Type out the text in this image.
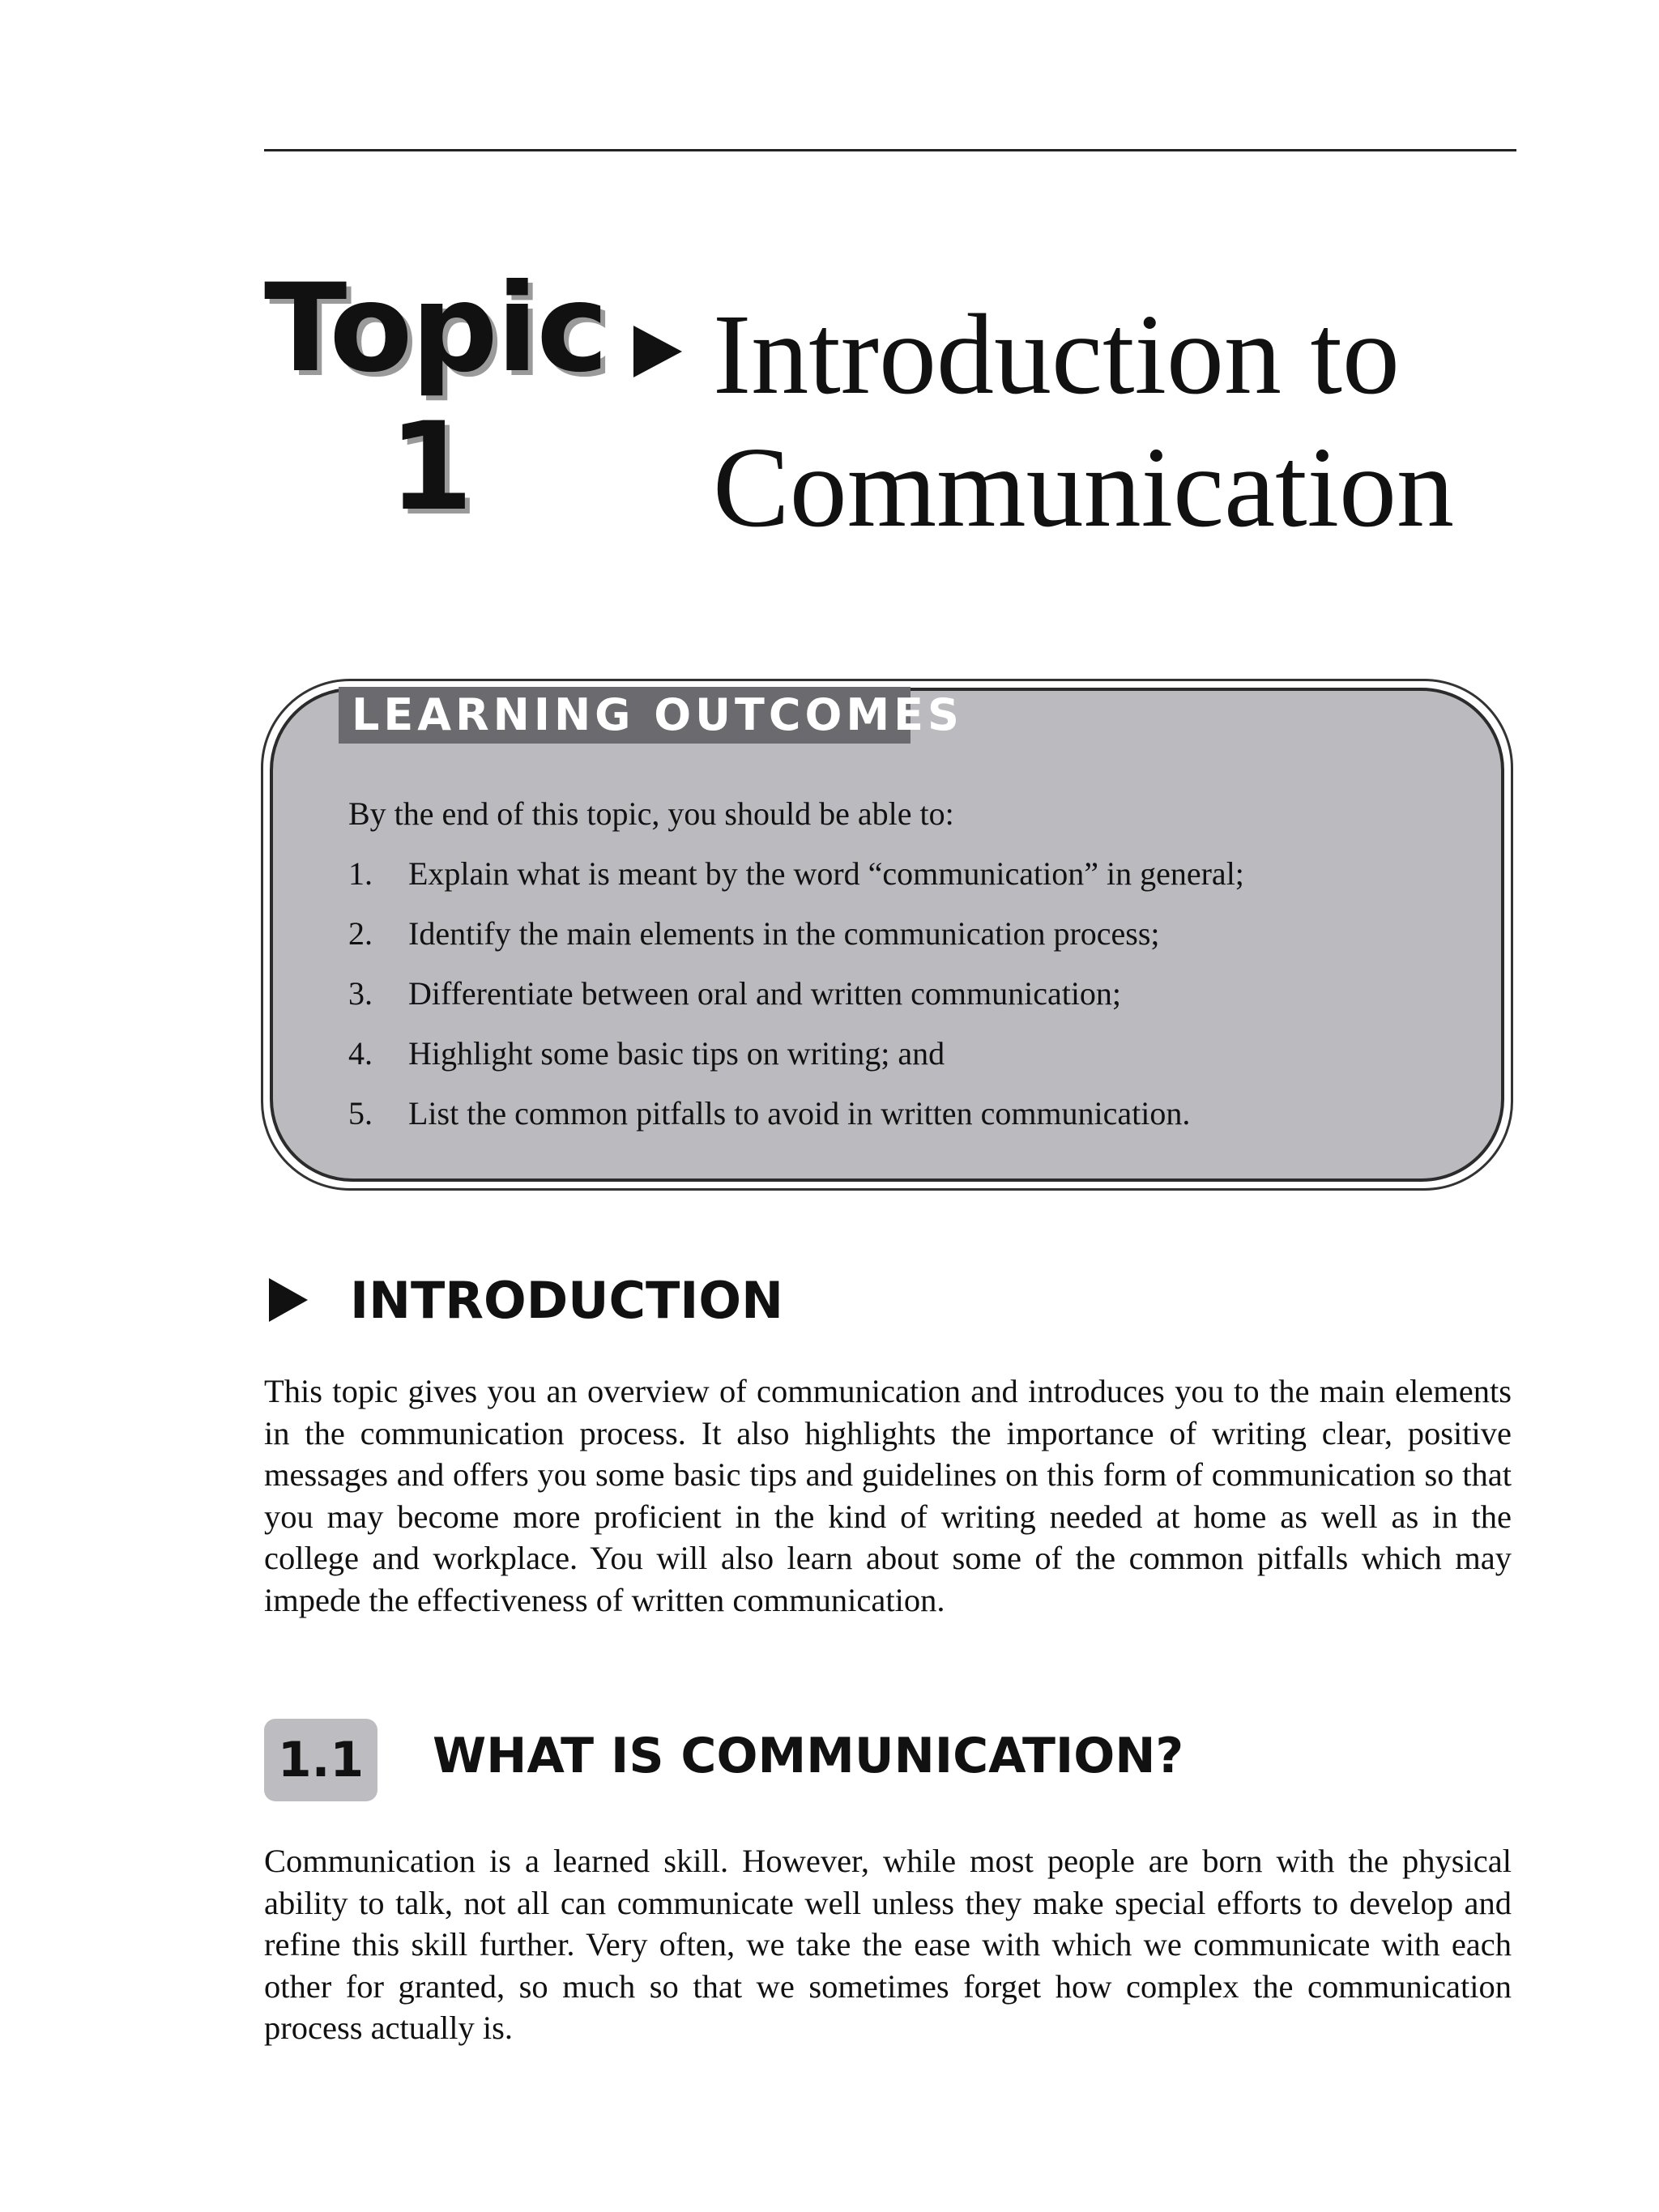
Topic
1
Introduction to
Communication
LEARNING OUTCOMES
By the end of this topic, you should be able to:
1.	Explain what is meant by the word “communication” in general;
2.	Identify the main elements in the communication process;
3.	Differentiate between oral and written communication;
4.	Highlight some basic tips on writing; and
5.	List the common pitfalls to avoid in written communication.
INTRODUCTION

This topic gives you an overview of communication and introduces you to the main elements in the communication process. It also highlights the importance of writing clear, positive messages and offers you some basic tips and guidelines on this form of communication so that you may become more proficient in the kind of writing needed at home as well as in the college and workplace. You will also learn about some of the common pitfalls which may impede the effectiveness of written communication.

1.1 WHAT IS COMMUNICATION?

Communication is a learned skill. However, while most people are born with the physical ability to talk, not all can communicate well unless they make special efforts to develop and refine this skill further. Very often, we take the ease with which we communicate with each other for granted, so much so that we sometimes forget how complex the communication process actually is.
